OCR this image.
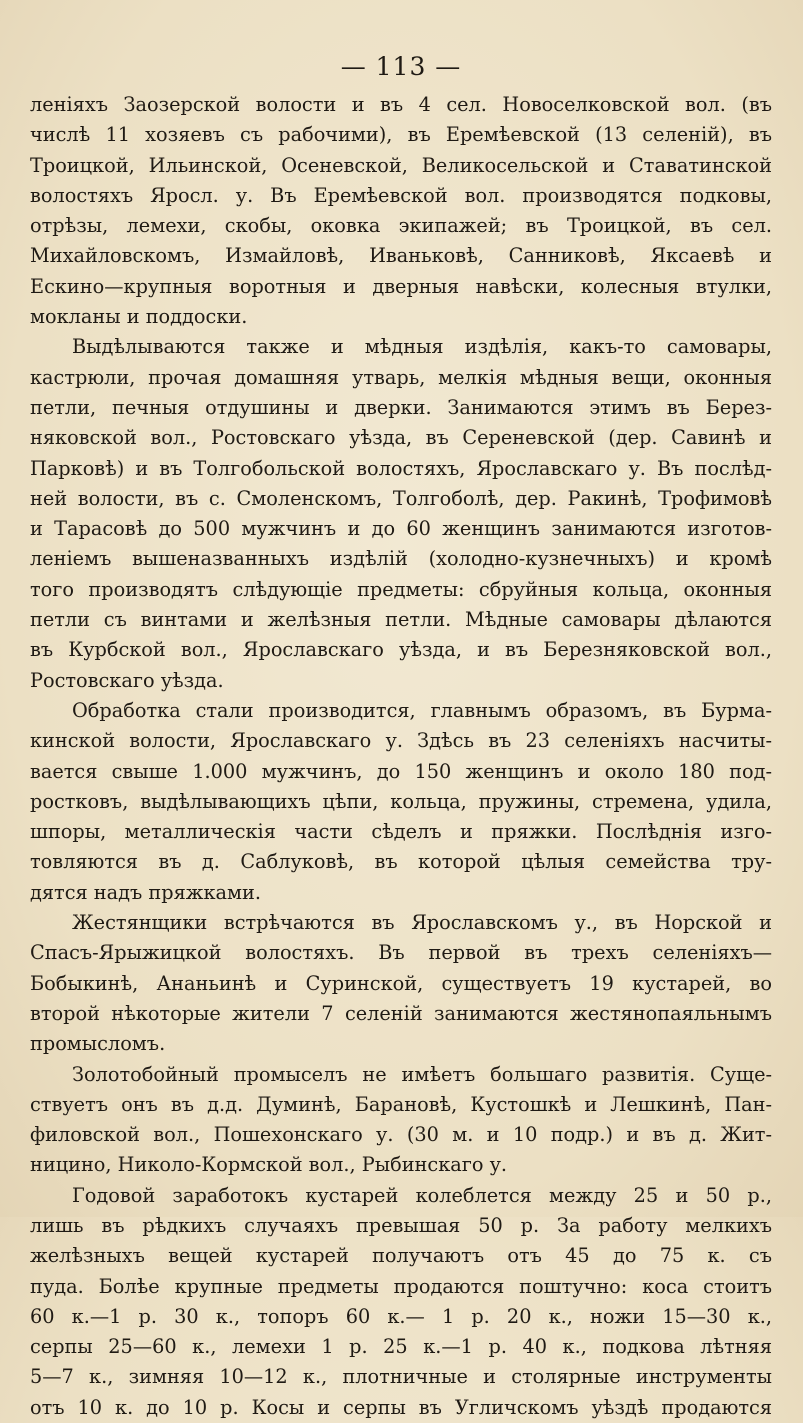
— 113 —
леніяхъ Заозерской волости и въ 4 сел. Новоселковской вол. (въ
числѣ 11 хозяевъ съ рабочими), въ Еремѣевской (13 селеній), въ
Троицкой, Ильинской, Осеневской, Великосельской и Ставатинской
волостяхъ Яросл. у. Въ Еремѣевской вол. производятся подковы,
отрѣзы, лемехи, скобы, оковка экипажей; въ Троицкой, въ сел.
Михайловскомъ, Измайловѣ, Иваньковѣ, Санниковѣ, Яксаевѣ и
Ескино—крупныя воротныя и дверныя навѣски, колесныя втулки,
мокланы и поддоски.
Выдѣлываются также и мѣдныя издѣлія, какъ-то самовары,
кастрюли, прочая домашняя утварь, мелкія мѣдныя вещи, оконныя
петли, печныя отдушины и дверки. Занимаются этимъ въ Берез-
няковской вол., Ростовскаго уѣзда, въ Сереневской (дер. Савинѣ и
Парковѣ) и въ Толгобольской волостяхъ, Ярославскаго у. Въ послѣд-
ней волости, въ с. Смоленскомъ, Толгоболѣ, дер. Ракинѣ, Трофимовѣ
и Тарасовѣ до 500 мужчинъ и до 60 женщинъ занимаются изготов-
леніемъ вышеназванныхъ издѣлій (холодно-кузнечныхъ) и кромѣ
того производятъ слѣдующіе предметы: сбруйныя кольца, оконныя
петли съ винтами и желѣзныя петли. Мѣдные самовары дѣлаются
въ Курбской вол., Ярославскаго уѣзда, и въ Березняковской вол.,
Ростовскаго уѣзда.
Обработка стали производится, главнымъ образомъ, въ Бурма-
кинской волости, Ярославскаго у. Здѣсь въ 23 селеніяхъ насчиты-
вается свыше 1.000 мужчинъ, до 150 женщинъ и около 180 под-
ростковъ, выдѣлывающихъ цѣпи, кольца, пружины, стремена, удила,
шпоры, металлическія части сѣделъ и пряжки. Послѣднія изго-
товляются въ д. Саблуковѣ, въ которой цѣлыя семейства тру-
дятся надъ пряжками.
Жестянщики встрѣчаются въ Ярославскомъ у., въ Норской и
Спасъ-Ярыжицкой волостяхъ. Въ первой въ трехъ селеніяхъ—
Бобыкинѣ, Ананьинѣ и Суринской, существуетъ 19 кустарей, во
второй нѣкоторые жители 7 селеній занимаются жестянопаяльнымъ
промысломъ.
Золотобойный промыселъ не имѣетъ большаго развитія. Суще-
ствуетъ онъ въ д.д. Думинѣ, Барановѣ, Кустошкѣ и Лешкинѣ, Пан-
филовской вол., Пошехонскаго у. (30 м. и 10 подр.) и въ д. Жит-
ницино, Николо-Кормской вол., Рыбинскаго у.
Годовой заработокъ кустарей колеблется между 25 и 50 р.,
лишь въ рѣдкихъ случаяхъ превышая 50 р. За работу мелкихъ
желѣзныхъ вещей кустарей получаютъ отъ 45 до 75 к. съ
пуда. Болѣе крупные предметы продаются поштучно: коса стоитъ
60 к.—1 р. 30 к., топоръ 60 к.— 1 р. 20 к., ножи 15—30 к.,
серпы 25—60 к., лемехи 1 р. 25 к.—1 р. 40 к., подкова лѣтняя
5—7 к., зимняя 10—12 к., плотничные и столярные инструменты
отъ 10 к. до 10 р. Косы и серпы въ Угличскомъ уѣздѣ продаются
